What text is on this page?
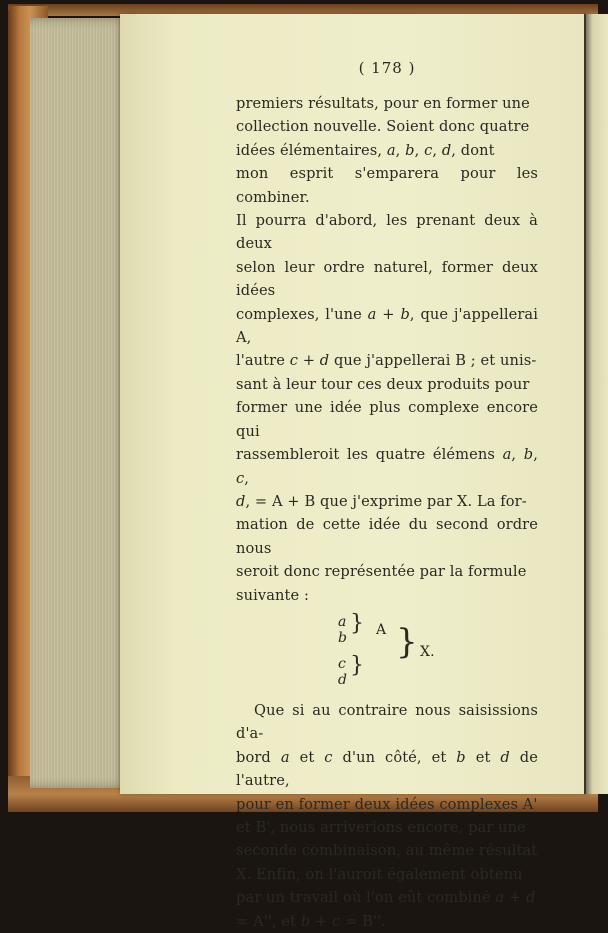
( 178 )
premiers résultats, pour en former une
collection nouvelle. Soient donc quatre
idées élémentaires, a, b, c, d, dont
mon esprit s'emparera pour les combiner.
Il pourra d'abord, les prenant deux à deux
selon leur ordre naturel, former deux idées
complexes, l'une a + b, que j'appellerai A,
l'autre c + d que j'appellerai B ; et unis-
sant à leur tour ces deux produits pour
former une idée plus complexe encore qui
rassembleroit les quatre élémens a, b, c,
d, = A + B que j'exprime par X. La for-
mation de cette idée du second ordre nous
seroit donc représentée par la formule
suivante :
a
b
} A
c
d
}
} X.
Que si au contraire nous saisissions d'a-
bord a et c d'un côté, et b et d de l'autre,
pour en former deux idées complexes A'
et B', nous arriverions encore, par une
seconde combinaison, au même résultat
X. Enfin, on l'auroit également obtenu
par un travail où l'on eût combiné a + d
= A'', et b + c = B''.
